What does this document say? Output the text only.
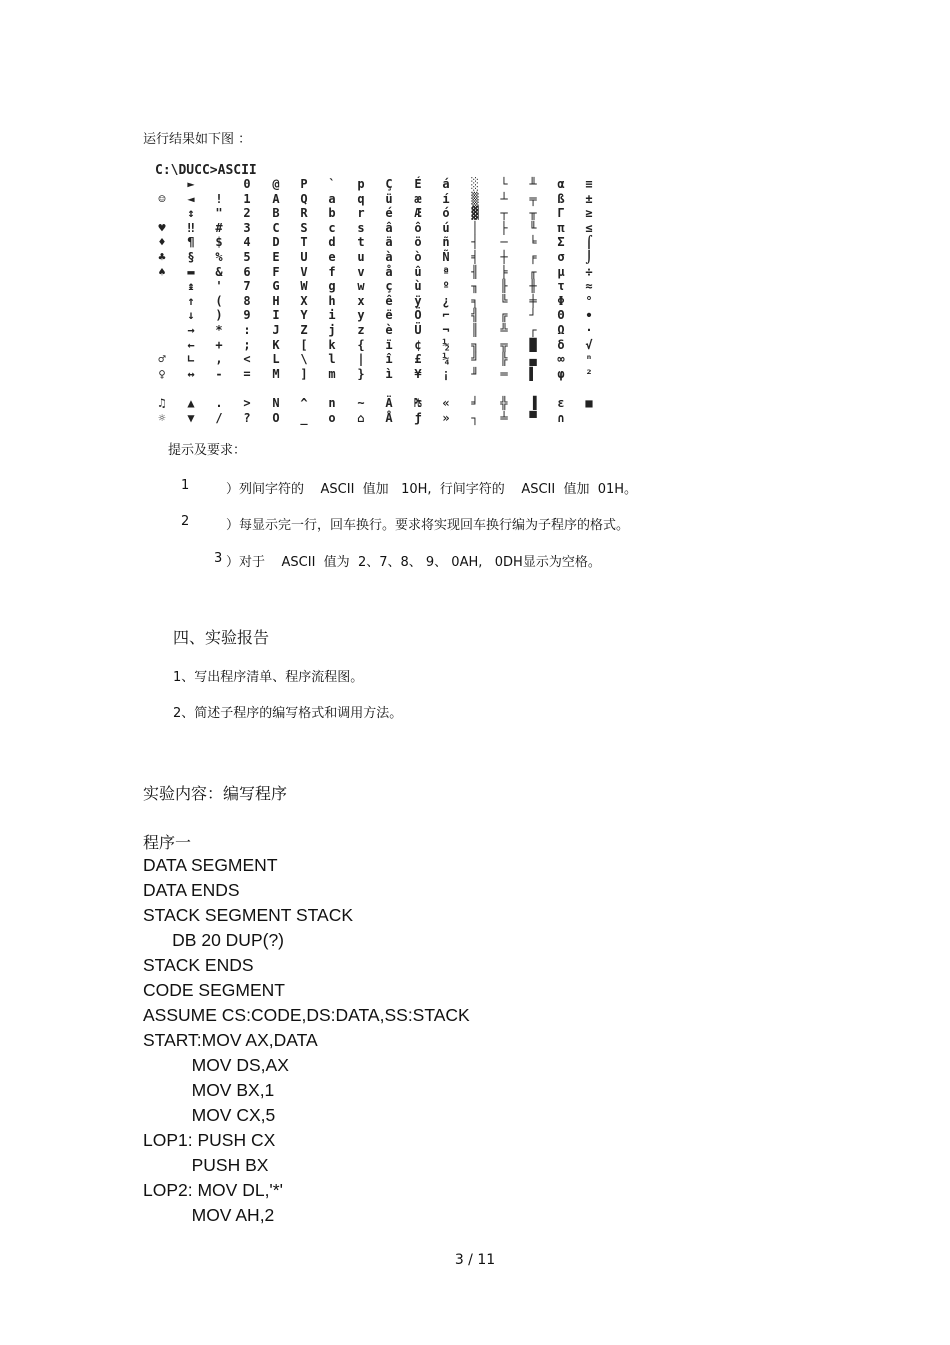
运行结果如下图 ：
C:\DUCC>ASCII

☺

♥
♦
♣
♠

♂
♀

♫
☼
►
◄
↕
‼
¶
§
▬
↨
↑
↓
→
←
∟
↔

▲
▼

!
"
#
$
%
&
'
(
)
*
+
,
-

.
/
0
1
2
3
4
5
6
7
8
9
:
;
<
=

>
?
@
A
B
C
D
E
F
G
H
I
J
K
L
M

N
O
P
Q
R
S
T
U
V
W
X
Y
Z
[
\
]

^
_
`
a
b
c
d
e
f
g
h
i
j
k
l
m

n
o
p
q
r
s
t
u
v
w
x
y
z
{
|
}

~
⌂
Ç
ü
é
â
ä
à
å
ç
ê
ë
è
ï
î
ì

Ä
Å
É
æ
Æ
ô
ö
ò
û
ù
ÿ
Ö
Ü
¢
£
¥

₧
ƒ
á
í
ó
ú
ñ
Ñ
ª
º
¿
⌐
¬
½
¼
¡

«
»
░
▒
▓
│
┤
╡
╢
╖
╕
╣
║
╗
╝
╜

╛
┐
└
┴
┬
├
─
┼
╞
╟
╚
╔
╩
╦
╠
═

╬
╧
╨
╤
╥
╙
╘
╒
╓
╫
╪
┘
┌
█
▄
▌

▐
▀
α
ß
Γ
π
Σ
σ
µ
τ
Φ
Θ
Ω
δ
∞
φ

ε
∩
≡
±
≥
≤
⌠
⌡
÷
≈
°
∙
·
√
ⁿ
²

■

提示及要求：
1	）列间字符的    ASCII  值加   10H,  行间字符的    ASCII  值加  01H。
2	）每显示完一行，回车换行。要求将实现回车换行编为子程序的格式。
3 ）对于    ASCII  值为  2、7、8、 9、 0AH,   0DH显示为空格。
四、实验报告
1、写出程序清单、程序流程图。
2、简述子程序的编写格式和调用方法。
实验内容：编写程序
程序一
DATA SEGMENT
DATA ENDS
STACK SEGMENT STACK
DB 20 DUP(?)
STACK ENDS
CODE SEGMENT
ASSUME CS:CODE,DS:DATA,SS:STACK
START:MOV AX,DATA
MOV DS,AX
MOV BX,1
MOV CX,5
LOP1: PUSH CX
PUSH BX
LOP2: MOV DL,'*'
MOV AH,2
3 / 11
